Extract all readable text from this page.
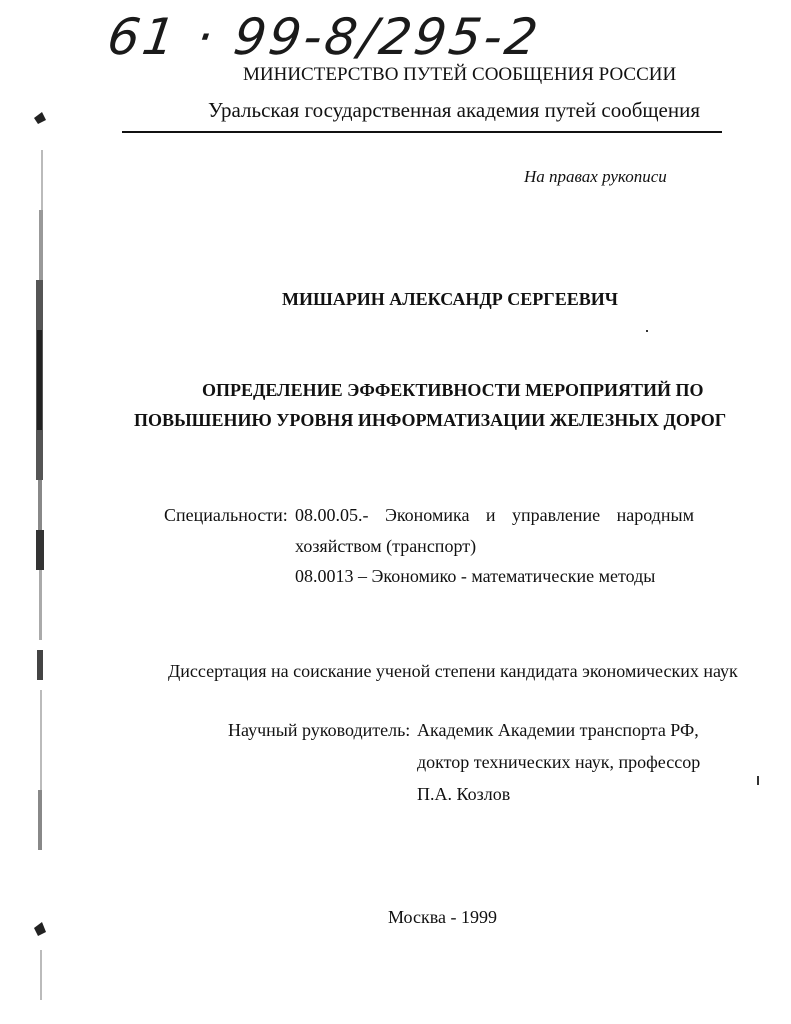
61 · 99-8/295-2
МИНИСТЕРСТВО ПУТЕЙ СООБЩЕНИЯ РОССИИ
Уральская государственная академия путей сообщения
На правах рукописи
МИШАРИН АЛЕКСАНДР СЕРГЕЕВИЧ
ОПРЕДЕЛЕНИЕ ЭФФЕКТИВНОСТИ МЕРОПРИЯТИЙ ПО
ПОВЫШЕНИЮ УРОВНЯ ИНФОРМАТИЗАЦИИ ЖЕЛЕЗНЫХ ДОРОГ
Специальности: 08.00.05.- Экономика и управление народным
хозяйством (транспорт)
08.0013 – Экономико - математические методы
Диссертация на соискание ученой степени кандидата экономических наук
Научный руководитель: Академик Академии транспорта РФ,
доктор технических наук, профессор
П.А. Козлов
Москва - 1999
